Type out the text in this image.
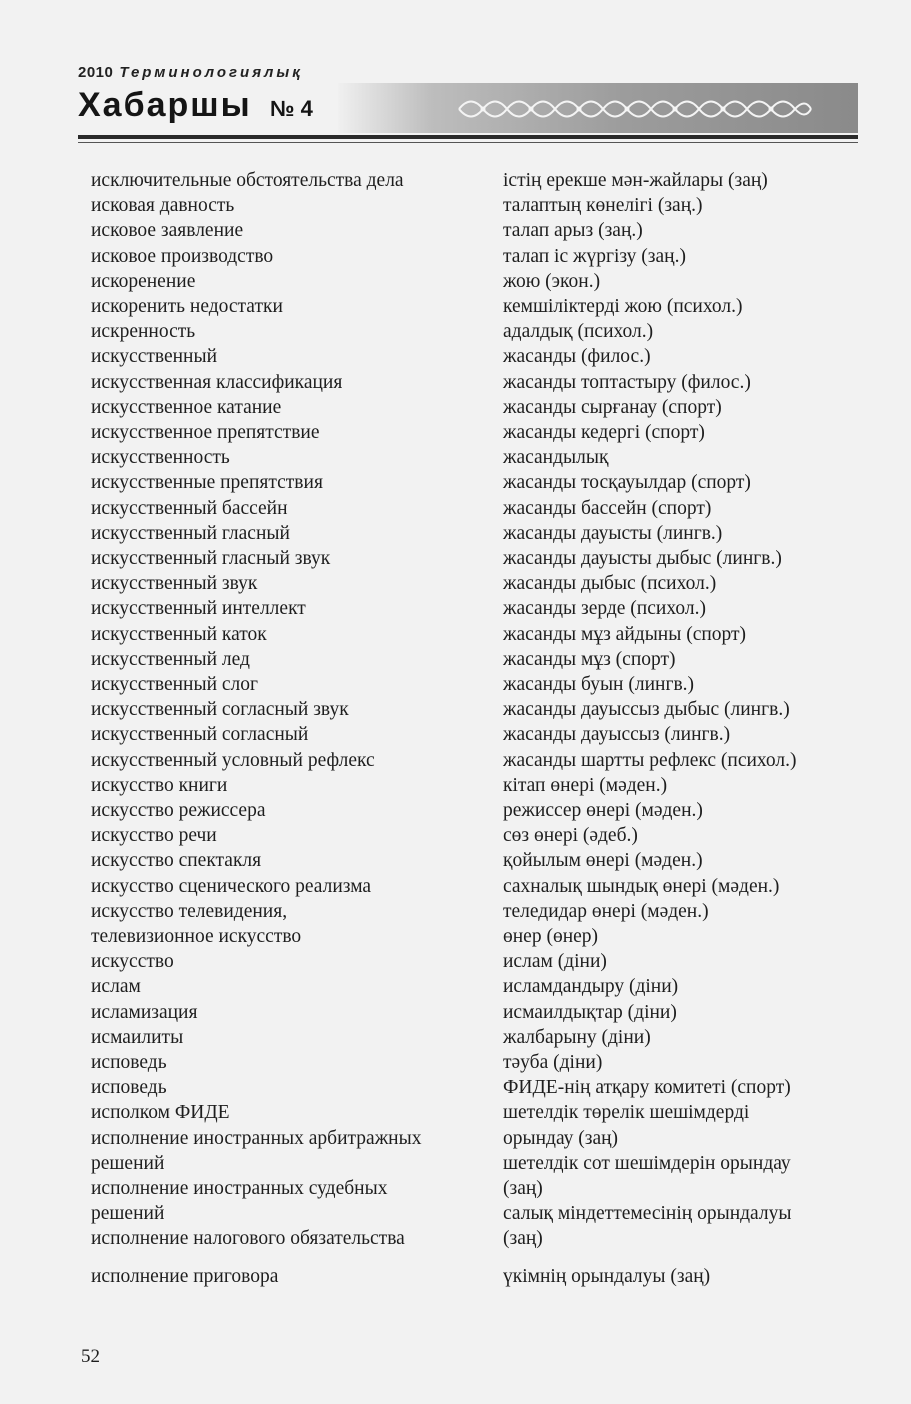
2010 Терминологиялық
Хабаршы № 4
исключительные обстоятельства дела
исковая давность
исковое заявление
исковое производство
искоренение
искоренить недостатки
искренность
искусственный
искусственная классификация
искусственное катание
искусственное препятствие
искусственность
искусственные препятствия
искусственный бассейн
искусственный гласный
искусственный гласный звук
искусственный звук
искусственный интеллект
искусственный каток
искусственный лед
искусственный слог
искусственный согласный звук
искусственный согласный
искусственный условный рефлекс
искусство книги
искусство режиссера
искусство речи
искусство спектакля
искусство сценического реализма
искусство телевидения,
телевизионное искусство
искусство
ислам
исламизация
исмаилиты
исповедь
исповедь
исполком ФИДЕ
исполнение иностранных арбитражных
решений
исполнение иностранных судебных
решений
исполнение налогового обязательства
исполнение приговора
істің ерекше мән-жайлары (заң)
талаптың көнелігі (заң.)
талап арыз (заң.)
талап іс жүргізу (заң.)
жою (экон.)
кемшіліктерді жою (психол.)
адалдық (психол.)
жасанды (филос.)
жасанды топтастыру (филос.)
жасанды сырғанау (спорт)
жасанды кедергі (спорт)
жасандылық
жасанды тосқауылдар (спорт)
жасанды бассейн (спорт)
жасанды дауысты (лингв.)
жасанды дауысты дыбыс (лингв.)
жасанды дыбыс (психол.)
жасанды зерде (психол.)
жасанды мұз айдыны (спорт)
жасанды мұз (спорт)
жасанды буын (лингв.)
жасанды дауыссыз дыбыс (лингв.)
жасанды дауыссыз (лингв.)
жасанды шартты рефлекс (психол.)
кітап өнері (мәден.)
режиссер өнері (мәден.)
сөз өнері (әдеб.)
қойылым өнері (мәден.)
сахналық шындық өнері (мәден.)
теледидар өнері (мәден.)
өнер (өнер)
ислам (діни)
исламдандыру (діни)
исмаилдықтар (діни)
жалбарыну (діни)
тәуба (діни)
ФИДЕ-нің атқару комитеті (спорт)
шетелдік төрелік шешімдерді
орындау (заң)
шетелдік сот шешімдерін орындау
(заң)
салық міндеттемесінің орындалуы
(заң)
үкімнің орындалуы (заң)
52
